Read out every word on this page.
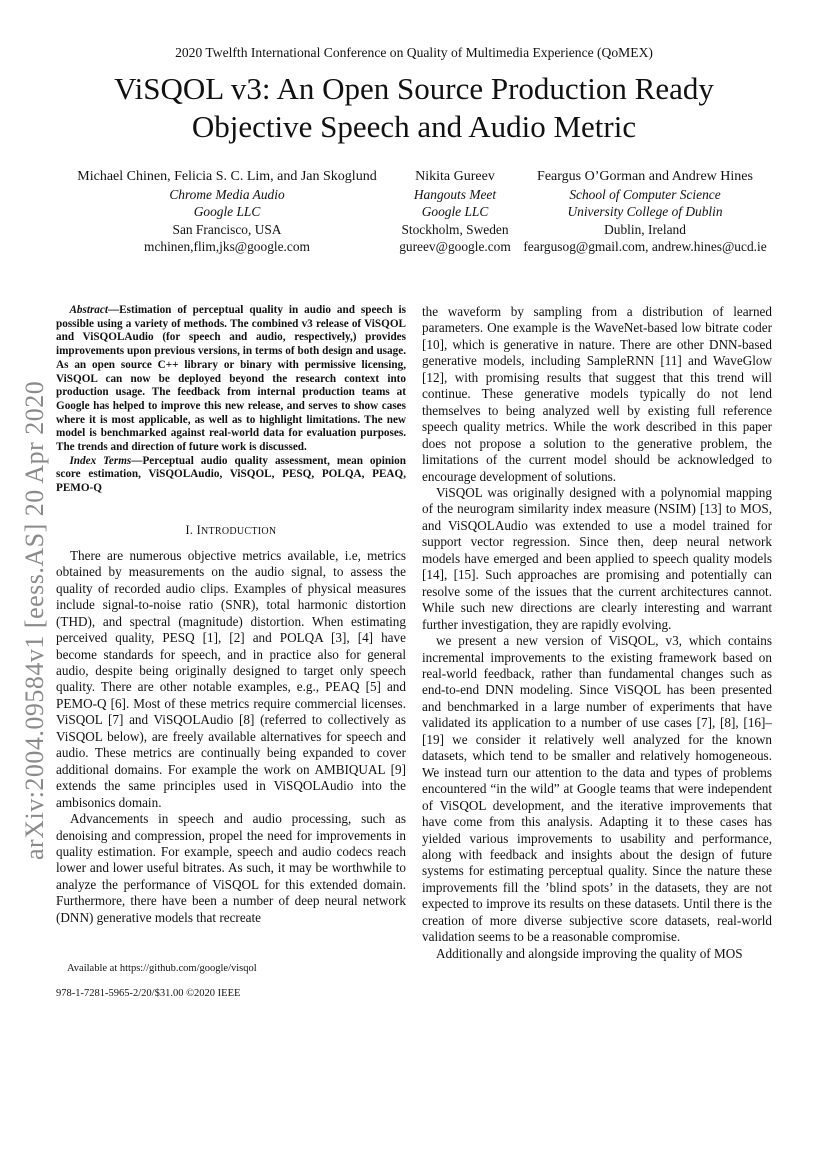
2020 Twelfth International Conference on Quality of Multimedia Experience (QoMEX)
ViSQOL v3: An Open Source Production Ready
Objective Speech and Audio Metric
Michael Chinen, Felicia S. C. Lim, and Jan Skoglund
Chrome Media Audio
Google LLC
San Francisco, USA
mchinen,flim,jks@google.com
Nikita Gureev
Hangouts Meet
Google LLC
Stockholm, Sweden
gureev@google.com
Feargus O’Gorman and Andrew Hines
School of Computer Science
University College of Dublin
Dublin, Ireland
feargusog@gmail.com, andrew.hines@ucd.ie
arXiv:2004.09584v1 [eess.AS] 20 Apr 2020

Abstract—Estimation of perceptual quality in audio and speech is possible using a variety of methods. The combined v3 release of ViSQOL and ViSQOLAudio (for speech and audio, respectively,) provides improvements upon previous versions, in terms of both design and usage. As an open source C++ library or binary with permissive licensing, ViSQOL can now be deployed beyond the research context into production usage. The feedback from internal production teams at Google has helped to improve this new release, and serves to show cases where it is most applicable, as well as to highlight limitations. The new model is benchmarked against real-world data for evaluation purposes. The trends and direction of future work is discussed.

Index Terms—Perceptual audio quality assessment, mean opinion score estimation, ViSQOLAudio, ViSQOL, PESQ, POLQA, PEAQ, PEMO-Q

I. INTRODUCTION

There are numerous objective metrics available, i.e, metrics obtained by measurements on the audio signal, to assess the quality of recorded audio clips. Examples of physical measures include signal-to-noise ratio (SNR), total harmonic distortion (THD), and spectral (magnitude) distortion. When estimating perceived quality, PESQ [1], [2] and POLQA [3], [4] have become standards for speech, and in practice also for general audio, despite being originally designed to target only speech quality. There are other notable examples, e.g., PEAQ [5] and PEMO-Q [6]. Most of these metrics require commercial licenses. ViSQOL [7] and ViSQOLAudio [8] (referred to collectively as ViSQOL below), are freely available alternatives for speech and audio. These metrics are continually being expanded to cover additional domains. For example the work on AMBIQUAL [9] extends the same principles used in ViSQOLAudio into the ambisonics domain.

Advancements in speech and audio processing, such as denoising and compression, propel the need for improvements in quality estimation. For example, speech and audio codecs reach lower and lower useful bitrates. As such, it may be worthwhile to analyze the performance of ViSQOL for this extended domain. Furthermore, there have been a number of deep neural network (DNN) generative models that recreate

the waveform by sampling from a distribution of learned parameters. One example is the WaveNet-based low bitrate coder [10], which is generative in nature. There are other DNN-based generative models, including SampleRNN [11] and WaveGlow [12], with promising results that suggest that this trend will continue. These generative models typically do not lend themselves to being analyzed well by existing full reference speech quality metrics. While the work described in this paper does not propose a solution to the generative problem, the limitations of the current model should be acknowledged to encourage development of solutions.

ViSQOL was originally designed with a polynomial mapping of the neurogram similarity index measure (NSIM) [13] to MOS, and ViSQOLAudio was extended to use a model trained for support vector regression. Since then, deep neural network models have emerged and been applied to speech quality models [14], [15]. Such approaches are promising and potentially can resolve some of the issues that the current architectures cannot. While such new directions are clearly interesting and warrant further investigation, they are rapidly evolving.

we present a new version of ViSQOL, v3, which contains incremental improvements to the existing framework based on real-world feedback, rather than fundamental changes such as end-to-end DNN modeling. Since ViSQOL has been presented and benchmarked in a large number of experiments that have validated its application to a number of use cases [7], [8], [16]–[19] we consider it relatively well analyzed for the known datasets, which tend to be smaller and relatively homogeneous. We instead turn our attention to the data and types of problems encountered “in the wild” at Google teams that were independent of ViSQOL development, and the iterative improvements that have come from this analysis. Adapting it to these cases has yielded various improvements to usability and performance, along with feedback and insights about the design of future systems for estimating perceptual quality. Since the nature these improvements fill the ’blind spots’ in the datasets, they are not expected to improve its results on these datasets. Until there is the creation of more diverse subjective score datasets, real-world validation seems to be a reasonable compromise.

Additionally and alongside improving the quality of MOS

Available at https://github.com/google/visqol
978-1-7281-5965-2/20/$31.00 ©2020 IEEE
